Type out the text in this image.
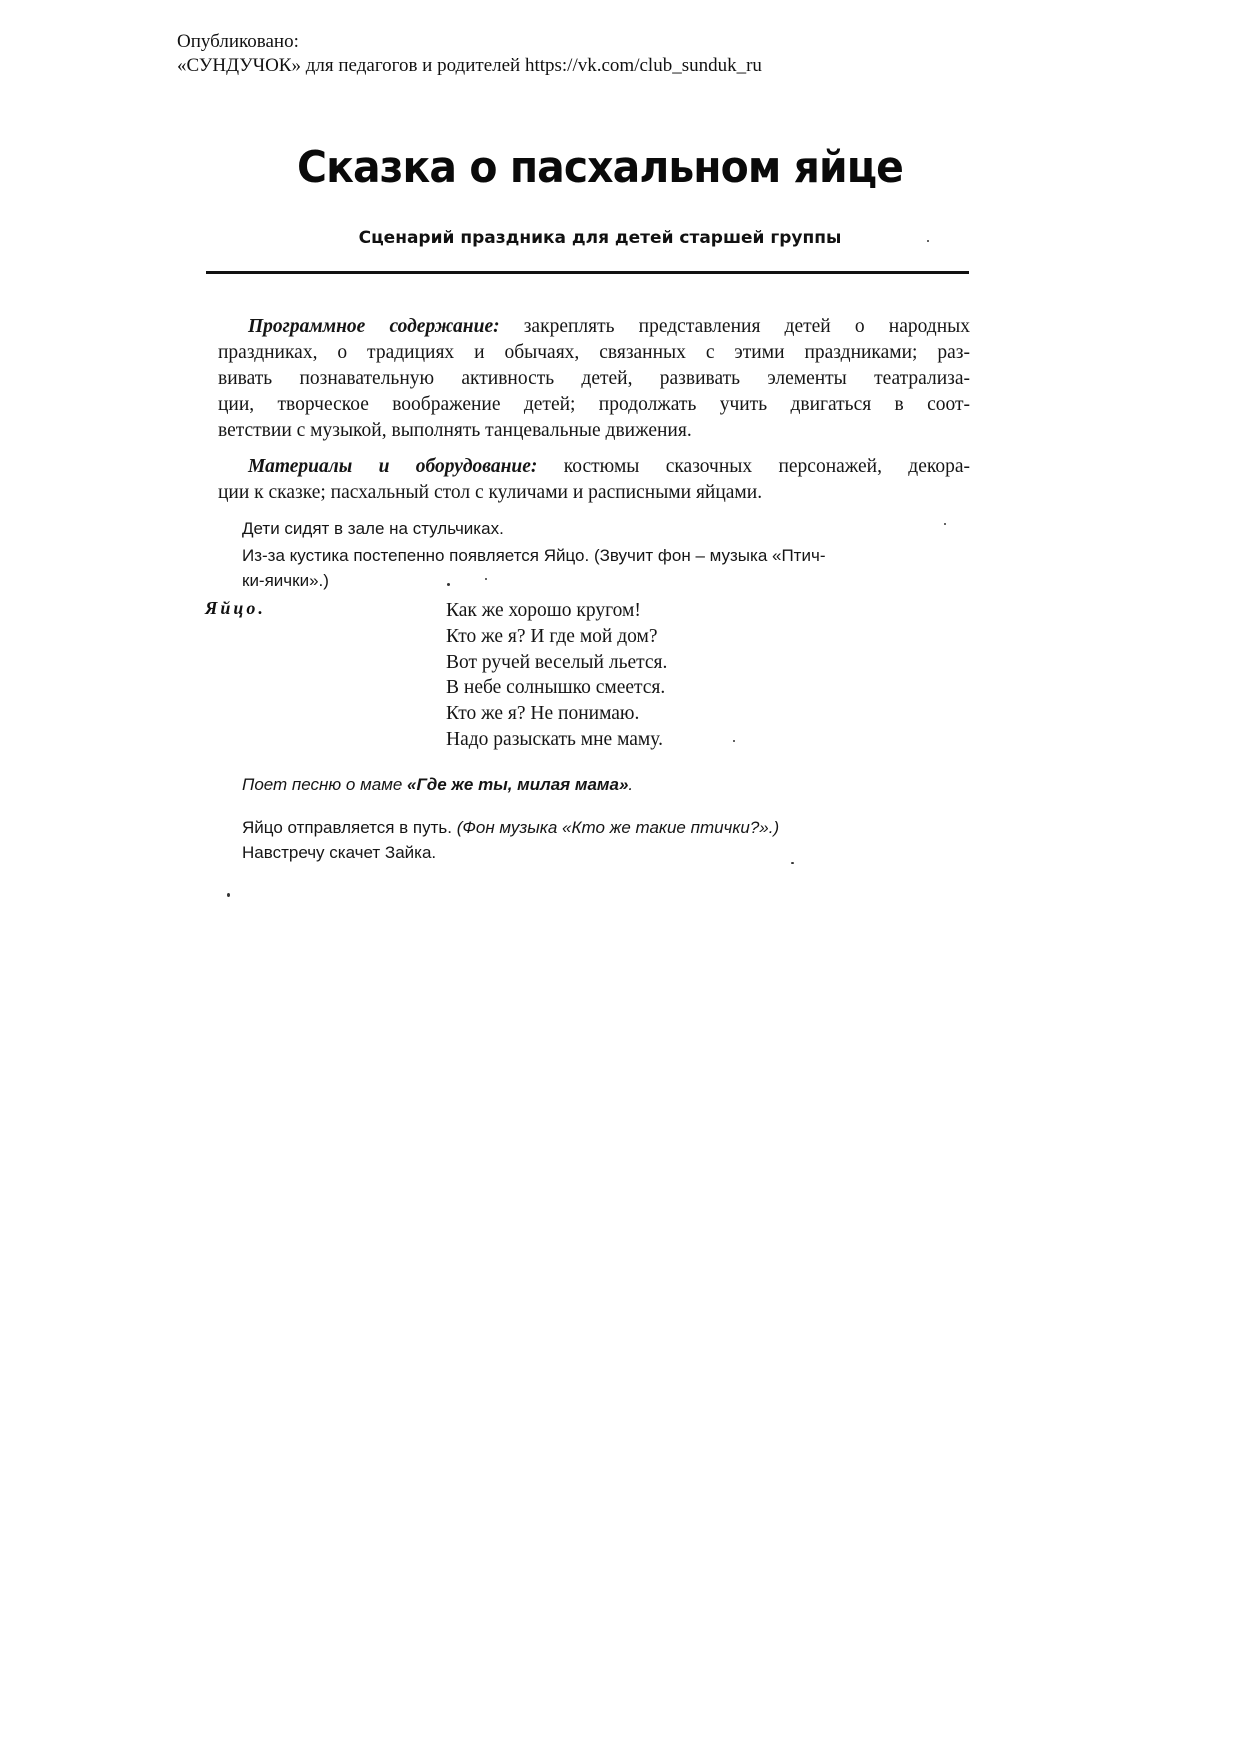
Опубликовано:
«СУНДУЧОК» для педагогов и родителей https://vk.com/club_sunduk_ru
Сказка о пасхальном яйце
Сценарий праздника для детей старшей группы
Программное содержание: закреплять представления детей о народных
праздниках, о традициях и обычаях, связанных с этими праздниками; раз-
вивать познавательную активность детей, развивать элементы театрализа-
ции, творческое воображение детей; продолжать учить двигаться в соот-
ветствии с музыкой, выполнять танцевальные движения.
Материалы и оборудование: костюмы сказочных персонажей, декора-
ции к сказке; пасхальный стол с куличами и расписными яйцами.
Дети сидят в зале на стульчиках.
Из-за кустика постепенно появляется Яйцо. (Звучит фон – музыка «Птич-
ки-яички».)
Яйцо.	Как же хорошо кругом!
Кто же я? И где мой дом?
Вот ручей веселый льется.
В небе солнышко смеется.
Кто же я? Не понимаю.
Надо разыскать мне маму.
Поет песню о маме «Где же ты, милая мама».
Яйцо отправляется в путь. (Фон музыка «Кто же такие птички?».)
Навстречу скачет Зайка.
